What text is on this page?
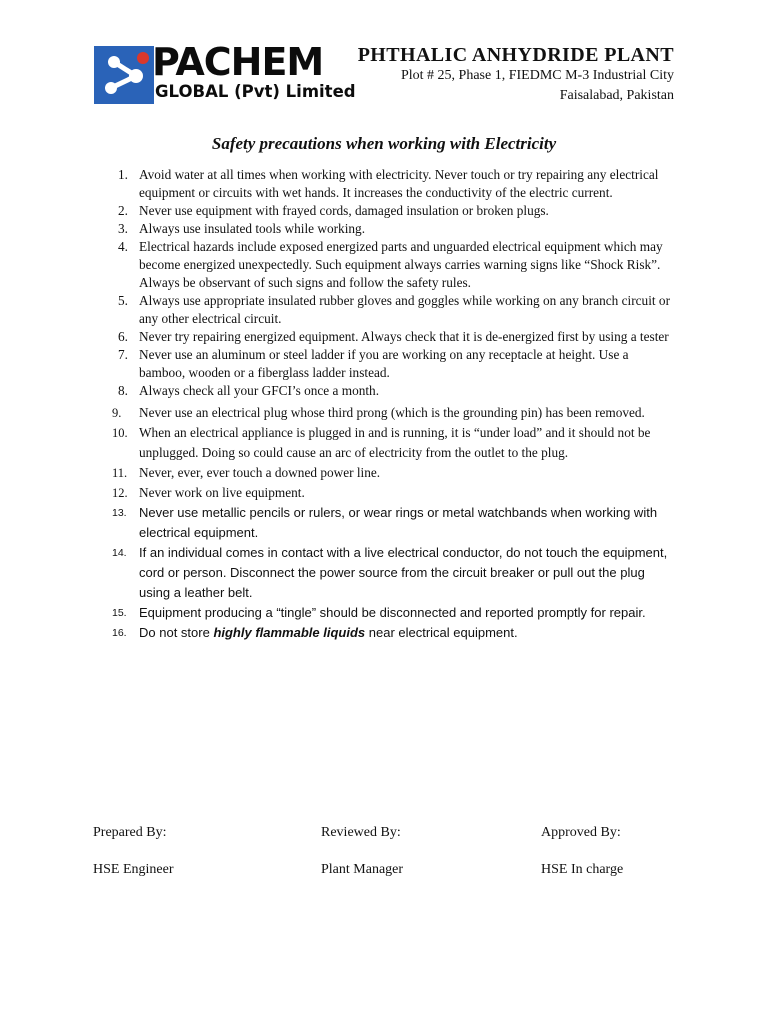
PACHEM
GLOBAL (Pvt) Limited
PHTHALIC ANHYDRIDE PLANT
Plot # 25, Phase 1, FIEDMC M-3 Industrial City
Faisalabad, Pakistan
Safety precautions when working with Electricity
1. Avoid water at all times when working with electricity. Never touch or try repairing any electrical equipment or circuits with wet hands. It increases the conductivity of the electric current.
2. Never use equipment with frayed cords, damaged insulation or broken plugs.
3. Always use insulated tools while working.
4. Electrical hazards include exposed energized parts and unguarded electrical equipment which may become energized unexpectedly. Such equipment always carries warning signs like “Shock Risk”. Always be observant of such signs and follow the safety rules.
5. Always use appropriate insulated rubber gloves and goggles while working on any branch circuit or any other electrical circuit.
6. Never try repairing energized equipment. Always check that it is de-energized first by using a tester
7. Never use an aluminum or steel ladder if you are working on any receptacle at height. Use a bamboo, wooden or a fiberglass ladder instead.
8. Always check all your GFCI’s once a month.
9. Never use an electrical plug whose third prong (which is the grounding pin) has been removed.
10. When an electrical appliance is plugged in and is running, it is “under load” and it should not be unplugged. Doing so could cause an arc of electricity from the outlet to the plug.
11. Never, ever, ever touch a downed power line.
12. Never work on live equipment.
13. Never use metallic pencils or rulers, or wear rings or metal watchbands when working with electrical equipment.
14. If an individual comes in contact with a live electrical conductor, do not touch the equipment, cord or person. Disconnect the power source from the circuit breaker or pull out the plug using a leather belt.
15. Equipment producing a “tingle” should be disconnected and reported promptly for repair.
16. Do not store highly flammable liquids near electrical equipment.
Prepared By:	Reviewed By:	Approved By:
HSE Engineer	Plant Manager	HSE In charge
